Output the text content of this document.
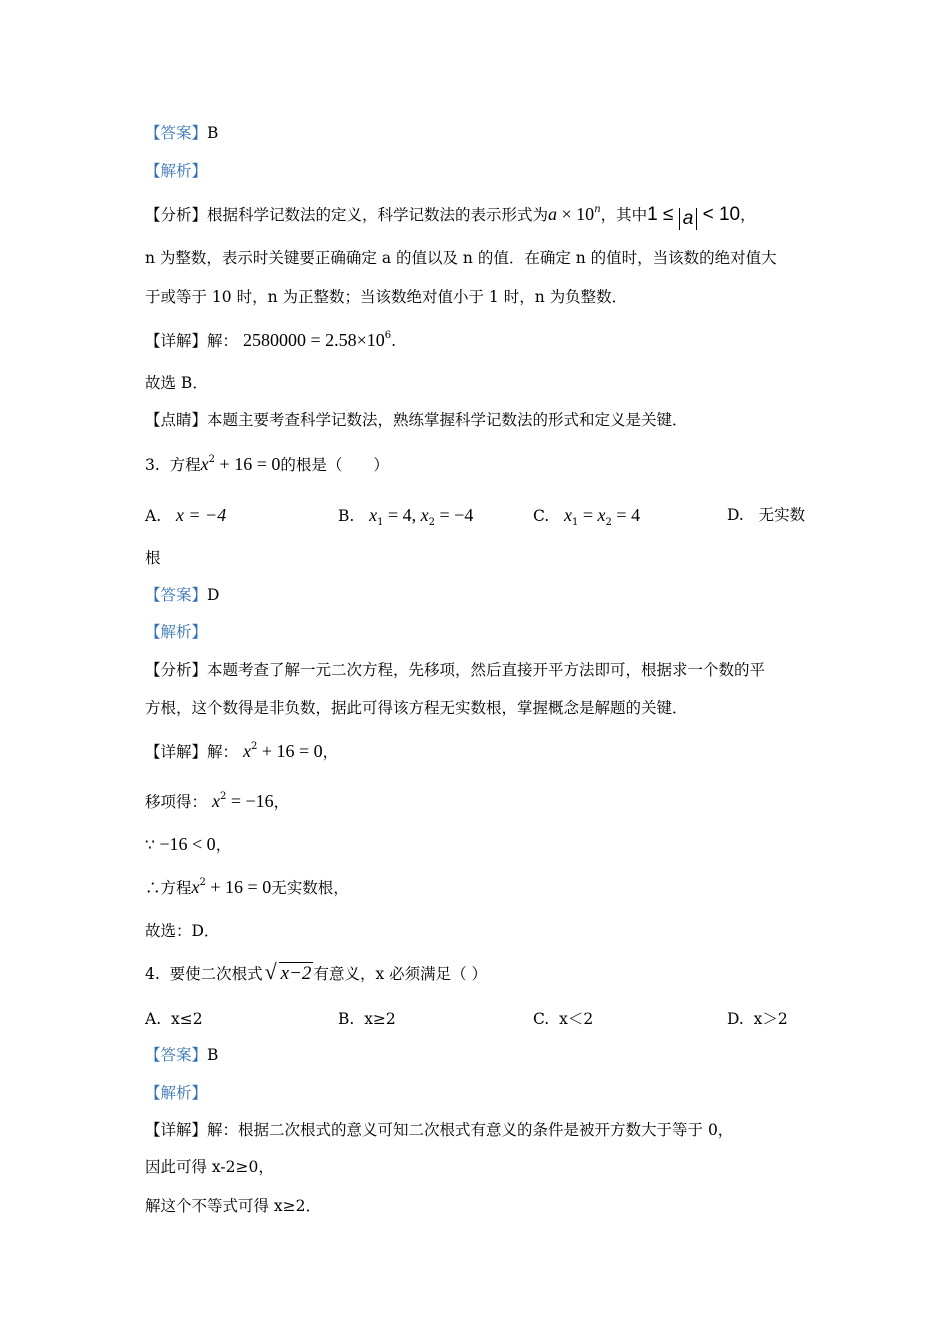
【答案】B
【解析】
【分析】根据科学记数法的定义，科学记数法的表示形式为$a \times 10^n$，其中1 ≤ a < 10，
n 为整数，表示时关键要正确确定 a 的值以及 n 的值．在确定 n 的值时，当该数的绝对值大
于或等于 10 时，n 为正整数；当该数绝对值小于 1 时，n 为负整数．
【详解】解： $2580000 = 2.58\times 10^6$.
故选 B．
【点睛】本题主要考查科学记数法，熟练掌握科学记数法的形式和定义是关键．
3. 方程$x^2 + 16 = 0$的根是（　　）
A. x = −4	B. $x_1 = 4$, $x_2 = -4$	C. $x_1 = x_2 = 4$	D. 无实数
根
【答案】D
【解析】
【分析】本题考查了解一元二次方程，先移项，然后直接开平方法即可，根据求一个数的平
方根，这个数得是非负数，据此可得该方程无实数根，掌握概念是解题的关键．
【详解】解： $x^2 + 16 = 0$，
移项得： $x^2 = -16$，
∵ −16 < 0，
∴方程$x^2 + 16 = 0$无实数根，
故选：D．
4. 要使二次根式 √ x−2 有意义，x 必须满足（ ）
A. x≤2	B. x≥2	C. x＜2	D. x＞2
【答案】B
【解析】
【详解】解：根据二次根式的意义可知二次根式有意义的条件是被开方数大于等于 0，
因此可得 x-2≥0，
解这个不等式可得 x≥2．
